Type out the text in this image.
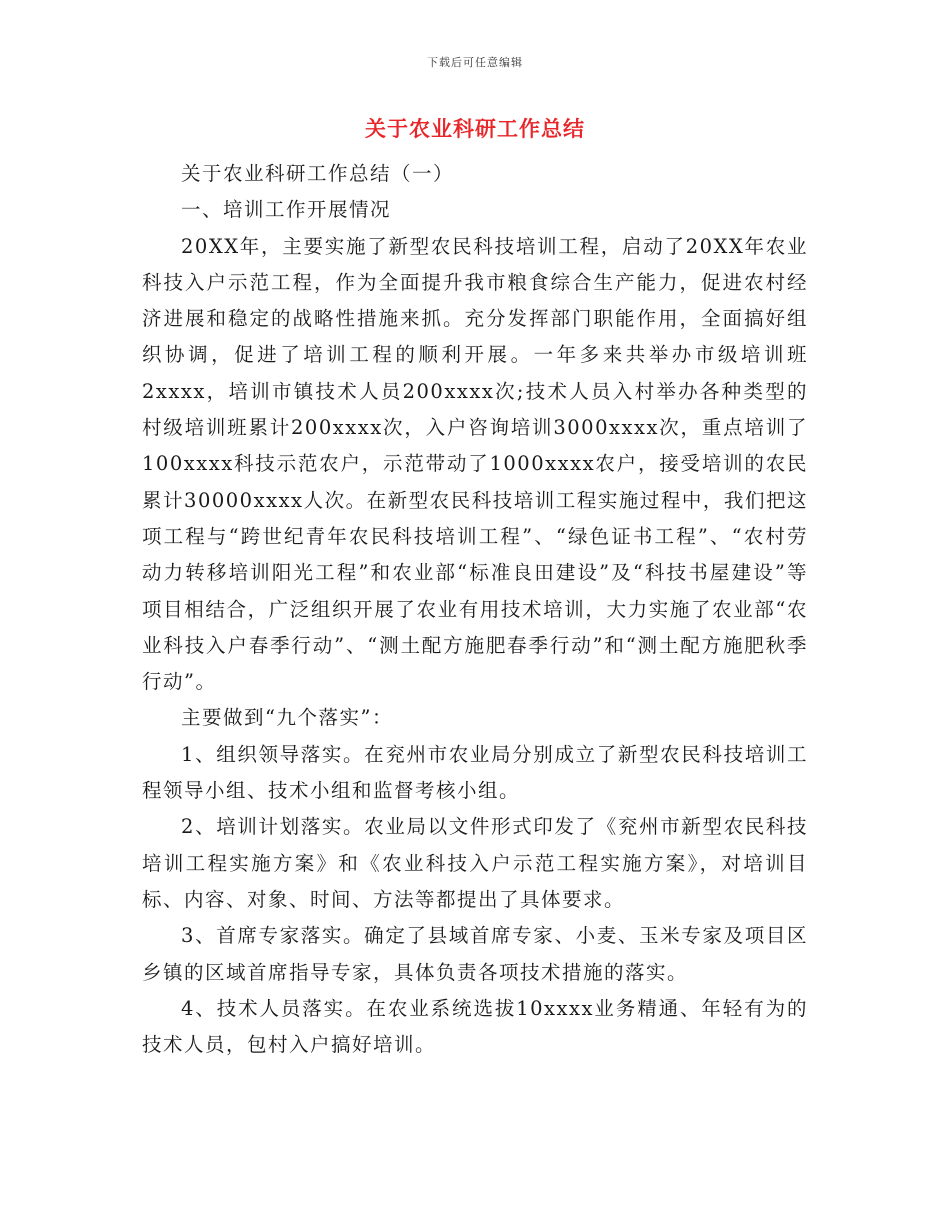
下载后可任意编辑
关于农业科研工作总结

关于农业科研工作总结（一）

一、培训工作开展情况

20XX年，主要实施了新型农民科技培训工程，启动了20XX年农业科技入户示范工程，作为全面提升我市粮食综合生产能力，促进农村经济进展和稳定的战略性措施来抓。充分发挥部门职能作用，全面搞好组织协调，促进了培训工程的顺利开展。一年多来共举办市级培训班2xxxx，培训市镇技术人员200xxxx次;技术人员入村举办各种类型的村级培训班累计200xxxx次，入户咨询培训3000xxxx次，重点培训了100xxxx科技示范农户，示范带动了1000xxxx农户，接受培训的农民累计30000xxxx人次。在新型农民科技培训工程实施过程中，我们把这项工程与“跨世纪青年农民科技培训工程”、“绿色证书工程”、“农村劳动力转移培训阳光工程”和农业部“标准良田建设”及“科技书屋建设”等项目相结合，广泛组织开展了农业有用技术培训，大力实施了农业部“农业科技入户春季行动”、“测土配方施肥春季行动”和“测土配方施肥秋季行动”。

主要做到“九个落实”：

1、组织领导落实。在兖州市农业局分别成立了新型农民科技培训工程领导小组、技术小组和监督考核小组。

2、培训计划落实。农业局以文件形式印发了《兖州市新型农民科技培训工程实施方案》和《农业科技入户示范工程实施方案》，对培训目标、内容、对象、时间、方法等都提出了具体要求。

3、首席专家落实。确定了县域首席专家、小麦、玉米专家及项目区乡镇的区域首席指导专家，具体负责各项技术措施的落实。

4、技术人员落实。在农业系统选拔10xxxx业务精通、年轻有为的技术人员，包村入户搞好培训。
